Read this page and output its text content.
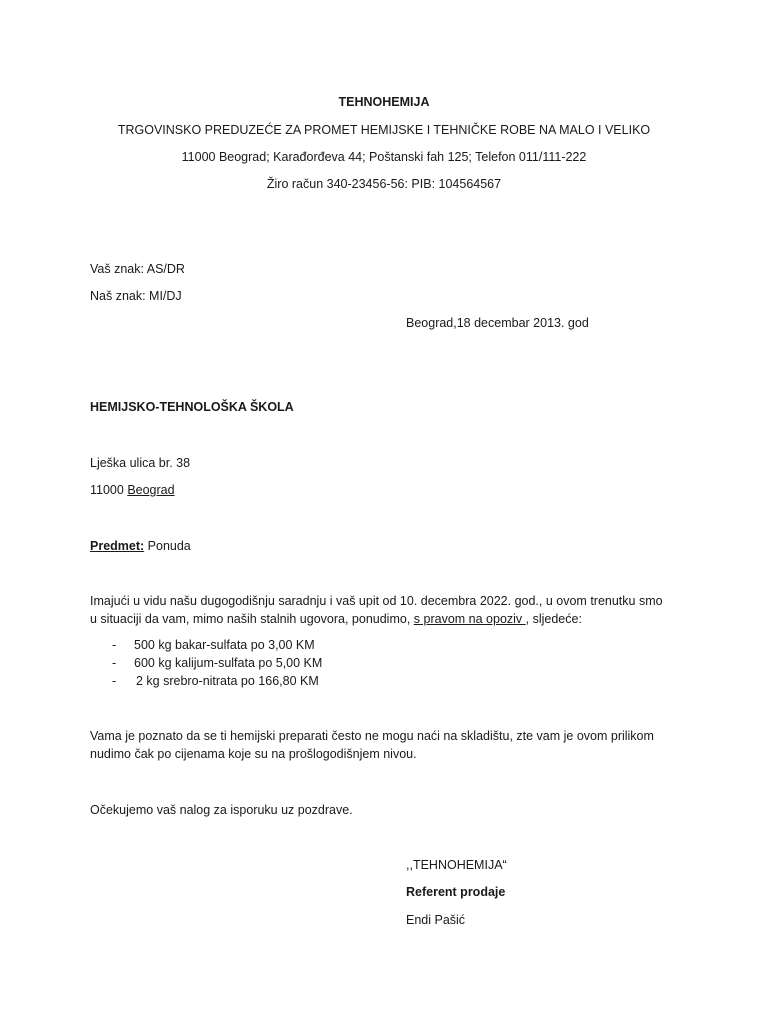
TEHNOHEMIJA
TRGOVINSKO PREDUZEĆE ZA PROMET HEMIJSKE I TEHNIČKE ROBE NA MALO I VELIKO
11000 Beograd; Karađorđeva 44; Poštanski fah 125; Telefon 011/111-222
Žiro račun 340-23456-56: PIB: 104564567
Vaš znak: AS/DR
Naš znak: MI/DJ
Beograd,18 decembar 2013. god
HEMIJSKO-TEHNOLOŠKA ŠKOLA
Lješka ulica br. 38
11000 Beograd
Predmet: Ponuda
Imajući u vidu našu dugogodišnju saradnju i vaš upit od 10. decembra 2022. god., u ovom trenutku smo
u situaciji da vam, mimo naših stalnih ugovora, ponudimo, s pravom na opoziv , sljedeće:
- 500 kg bakar-sulfata po 3,00 KM
- 600 kg kalijum-sulfata po 5,00 KM
- 2 kg srebro-nitrata po 166,80 KM
Vama je poznato da se ti hemijski preparati često ne mogu naći na skladištu, zte vam je ovom prilikom
nudimo čak po cijenama koje su na prošlogodišnjem nivou.
Očekujemo vaš nalog za isporuku uz pozdrave.
,,TEHNOHEMIJA“
Referent prodaje
Endi Pašić
